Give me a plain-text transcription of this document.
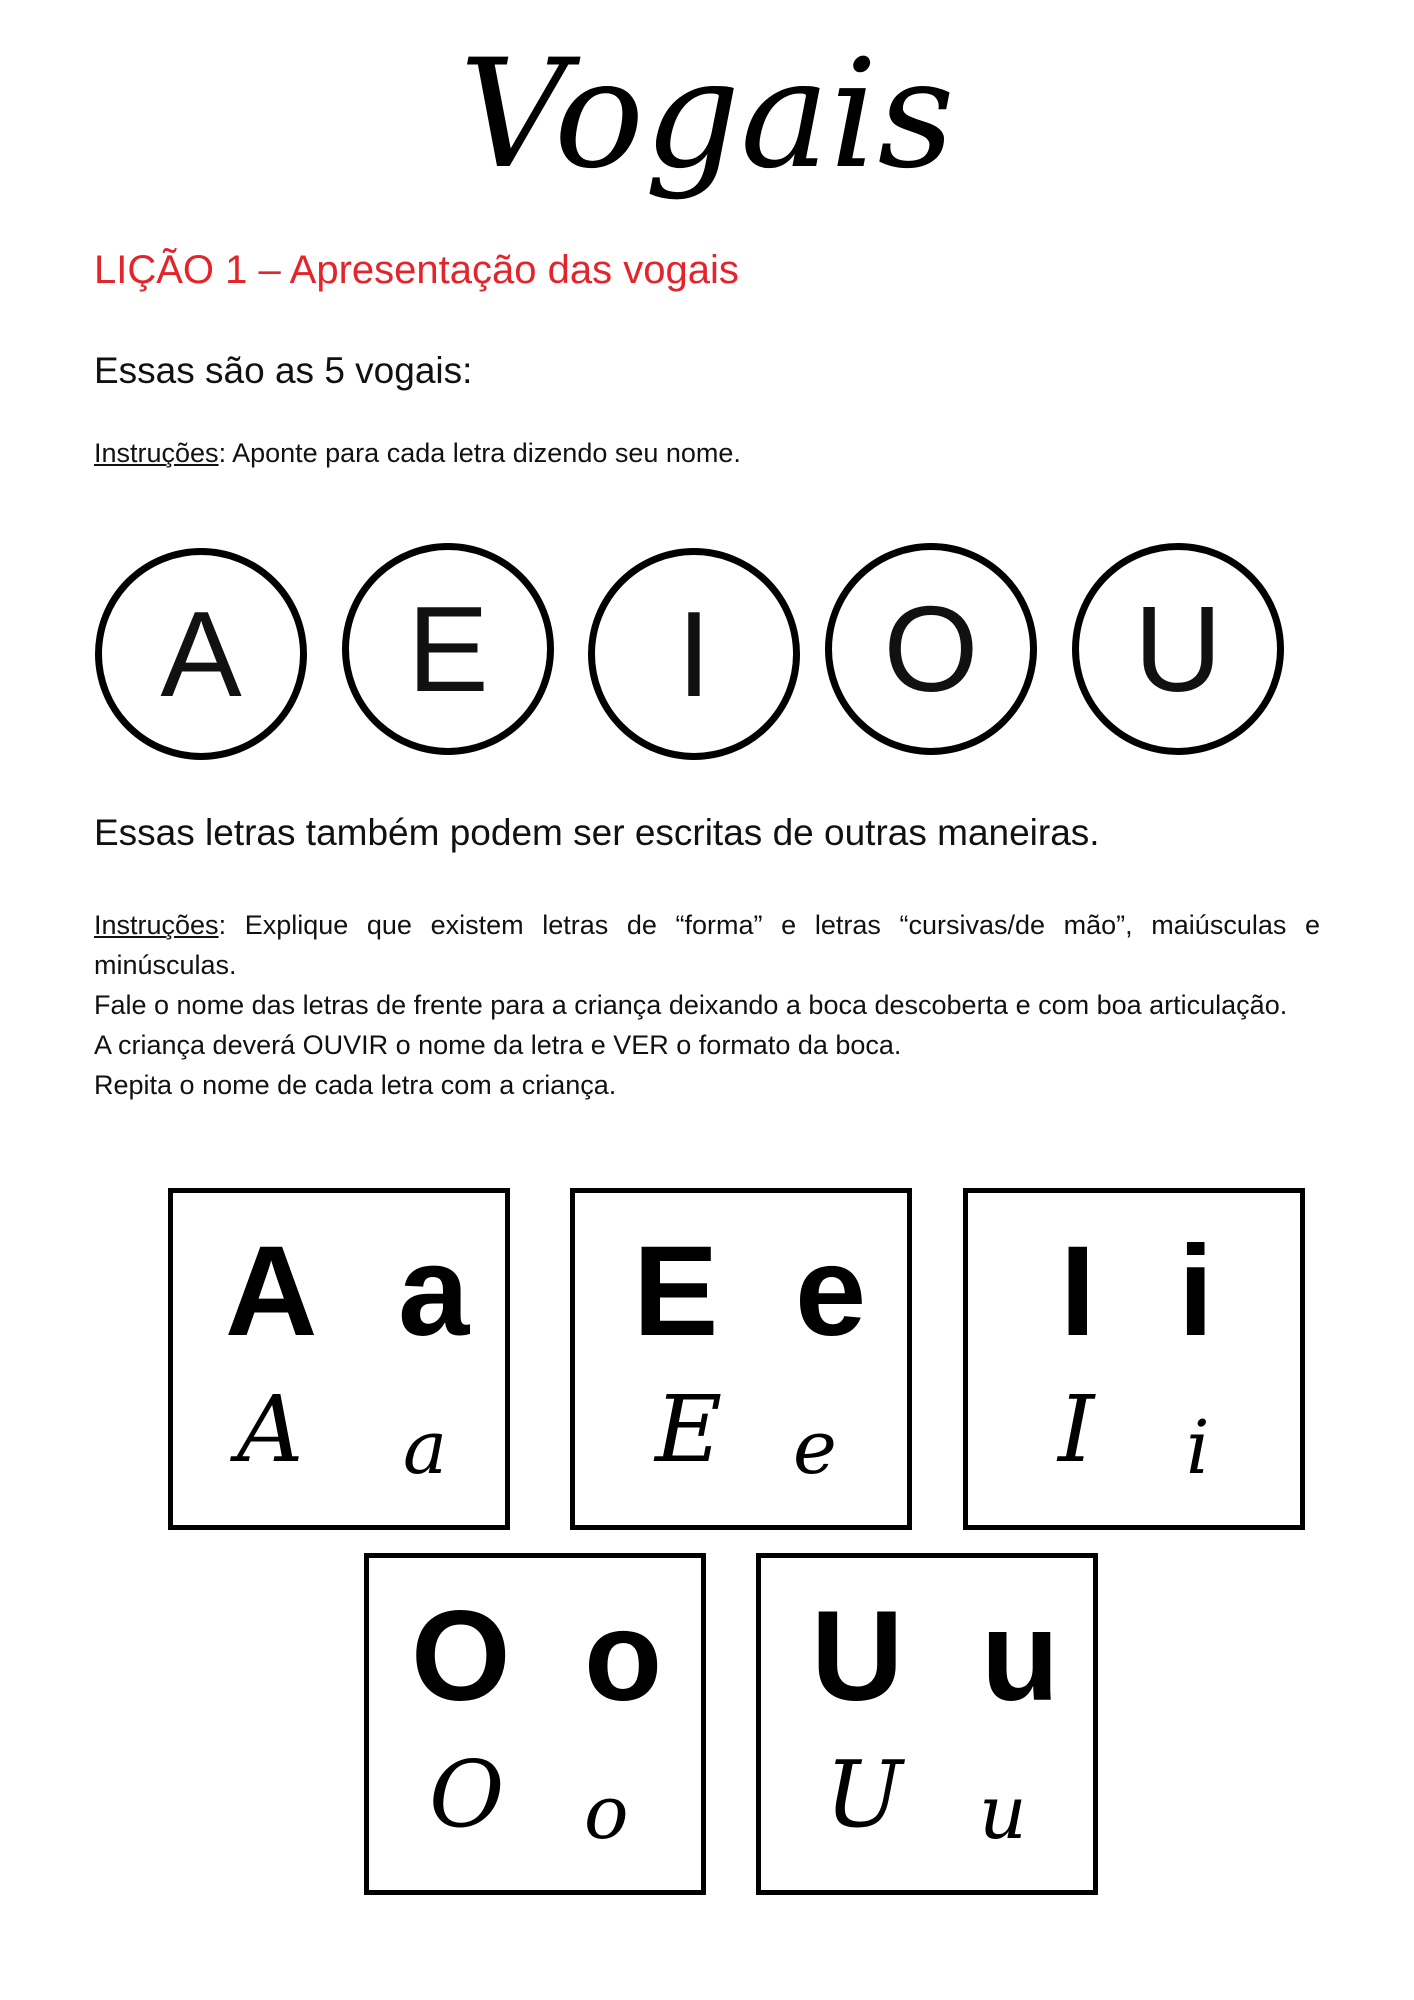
Vogais
LIÇÃO 1 – Apresentação das vogais
Essas são as 5 vogais:

Instruções: Aponte para cada letra dizendo seu nome.

A	E	I	O	U
Essas letras também podem ser escritas de outras maneiras.

Instruções: Explique que existem letras de “forma” e letras “cursivas/de mão”, maiúsculas e minúsculas.

Fale o nome das letras de frente para a criança deixando a boca descoberta e com boa articulação.

A criança deverá OUVIR o nome da letra e VER o formato da boca.

Repita o nome de cada letra com a criança.

A a
A a
E e
E e
I i
I i
O o
O o
U u
U u
